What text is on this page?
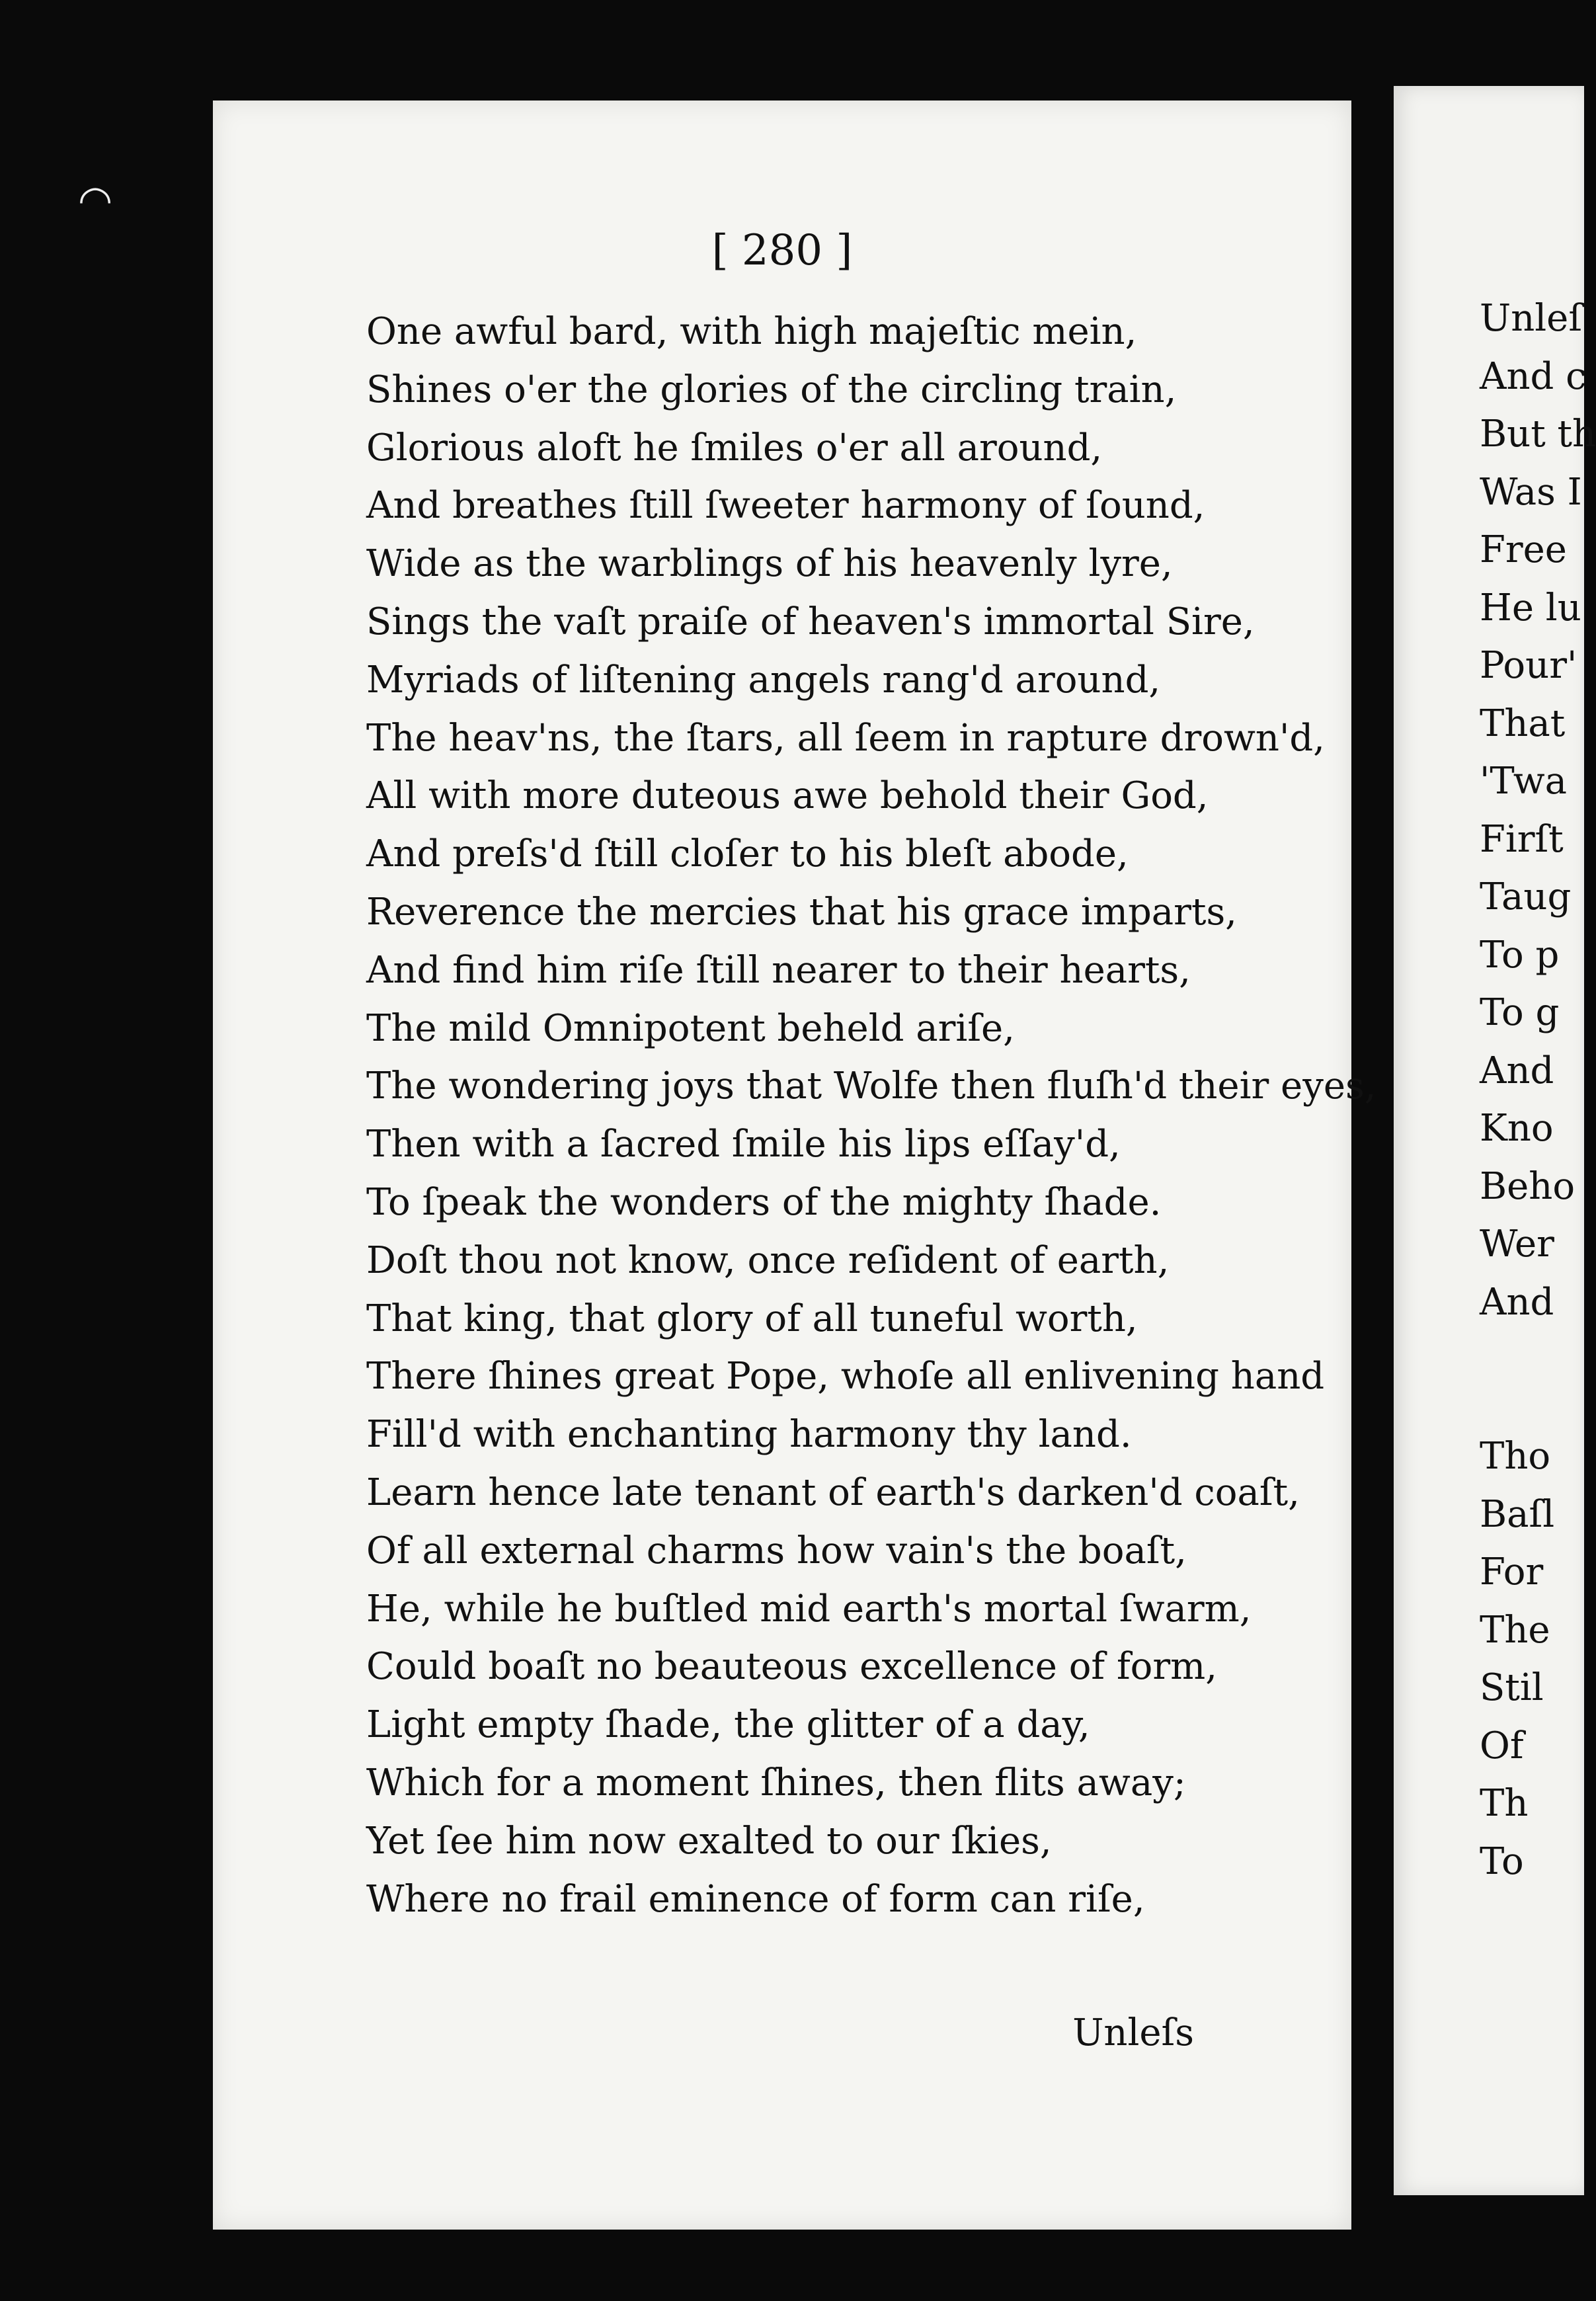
[ 280 ]
One awful bard, with high majeſtic mein,
Shines o'er the glories of the circling train,
Glorious aloft he ſmiles o'er all around,
And breathes ſtill ſweeter harmony of ſound,
Wide as the warblings of his heavenly lyre,
Sings the vaſt praiſe of heaven's immortal Sire,
Myriads of liſtening angels rang'd around,
The heav'ns, the ſtars, all ſeem in rapture drown'd,
All with more duteous awe behold their God,
And preſs'd ſtill cloſer to his bleſt abode,
Reverence the mercies that his grace imparts,
And find him riſe ſtill nearer to their hearts,
The mild Omnipotent beheld ariſe,
The wondering joys that Wolfe then fluſh'd their eyes,
Then with a ſacred ſmile his lips eſſay'd,
To ſpeak the wonders of the mighty ſhade.
Doſt thou not know, once reſident of earth,
That king, that glory of all tuneful worth,
There ſhines great Pope, whoſe all enlivening hand
Fill'd with enchanting harmony thy land.
Learn hence late tenant of earth's darken'd coaſt,
Of all external charms how vain's the boaſt,
He, while he buſtled mid earth's mortal ſwarm,
Could boaſt no beauteous excellence of form,
Light empty ſhade, the glitter of a day,
Which for a moment ſhines, then flits away;
Yet ſee him now exalted to our ſkies,
Where no frail eminence of form can riſe,
Unleſs
Unleſ
And c
But th
Was I
Free
He lu
Pour'
That
'Twa
Firſt
Taug
To p
To g
And
Kno
Beho
Wer
And
Tho
Baſl
For
The
Stil
Of
Th
To
◠
